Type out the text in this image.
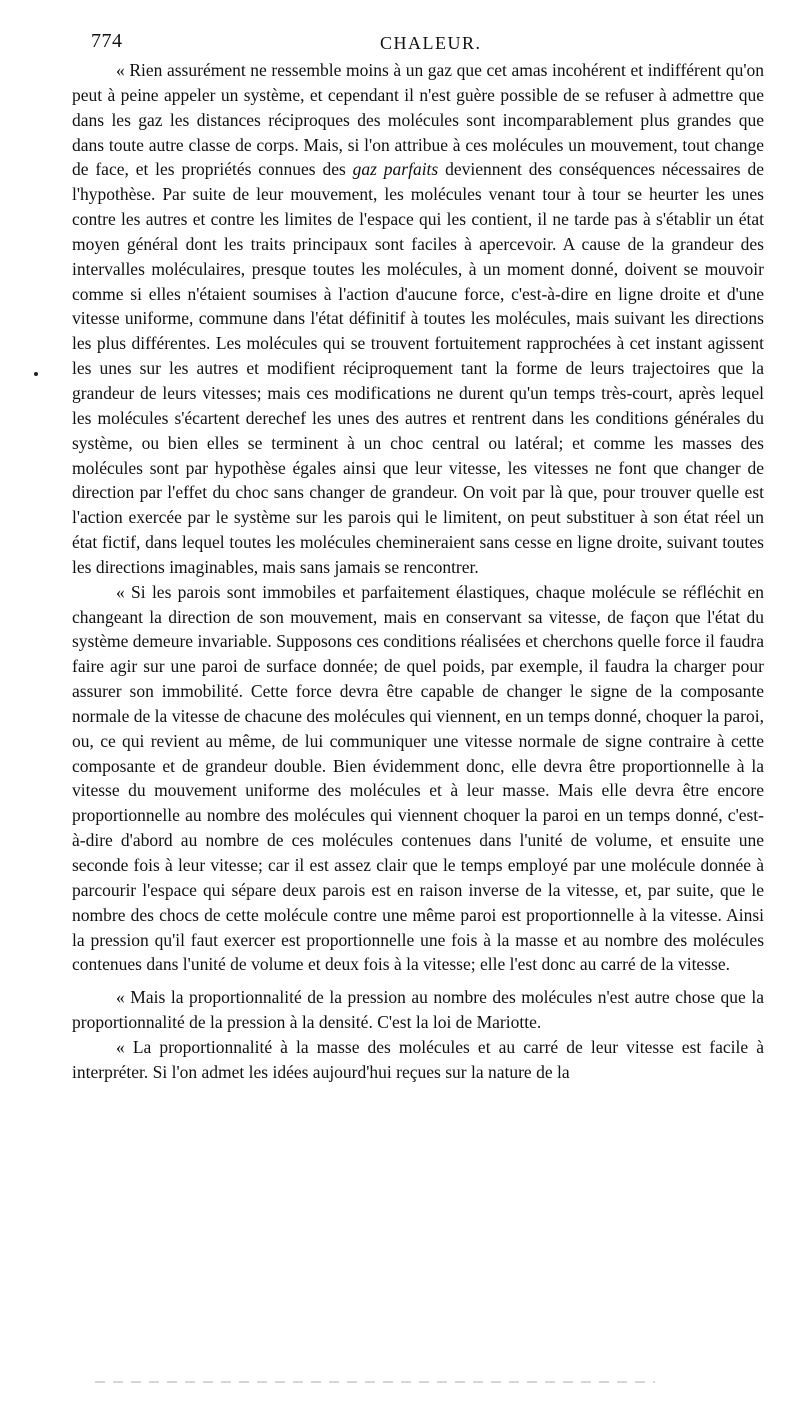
774	CHALEUR.

« Rien assurément ne ressemble moins à un gaz que cet amas incohérent et indifférent qu'on peut à peine appeler un système, et cependant il n'est guère possible de se refuser à admettre que dans les gaz les distances réciproques des molécules sont incomparablement plus grandes que dans toute autre classe de corps. Mais, si l'on attribue à ces molécules un mouvement, tout change de face, et les propriétés connues des gaz parfaits deviennent des conséquences nécessaires de l'hypothèse. Par suite de leur mouvement, les molécules venant tour à tour se heurter les unes contre les autres et contre les limites de l'espace qui les contient, il ne tarde pas à s'établir un état moyen général dont les traits principaux sont faciles à apercevoir. A cause de la grandeur des intervalles moléculaires, presque toutes les molécules, à un moment donné, doivent se mouvoir comme si elles n'étaient soumises à l'action d'aucune force, c'est-à-dire en ligne droite et d'une vitesse uniforme, commune dans l'état définitif à toutes les molécules, mais suivant les directions les plus différentes. Les molécules qui se trouvent fortuitement rapprochées à cet instant agissent les unes sur les autres et modifient réciproquement tant la forme de leurs trajectoires que la grandeur de leurs vitesses; mais ces modifications ne durent qu'un temps très-court, après lequel les molécules s'écartent derechef les unes des autres et rentrent dans les conditions générales du système, ou bien elles se terminent à un choc central ou latéral; et comme les masses des molécules sont par hypothèse égales ainsi que leur vitesse, les vitesses ne font que changer de direction par l'effet du choc sans changer de grandeur. On voit par là que, pour trouver quelle est l'action exercée par le système sur les parois qui le limitent, on peut substituer à son état réel un état fictif, dans lequel toutes les molécules chemineraient sans cesse en ligne droite, suivant toutes les directions imaginables, mais sans jamais se rencontrer.

« Si les parois sont immobiles et parfaitement élastiques, chaque molécule se réfléchit en changeant la direction de son mouvement, mais en conservant sa vitesse, de façon que l'état du système demeure invariable. Supposons ces conditions réalisées et cherchons quelle force il faudra faire agir sur une paroi de surface donnée; de quel poids, par exemple, il faudra la charger pour assurer son immobilité. Cette force devra être capable de changer le signe de la composante normale de la vitesse de chacune des molécules qui viennent, en un temps donné, choquer la paroi, ou, ce qui revient au même, de lui communiquer une vitesse normale de signe contraire à cette composante et de grandeur double. Bien évidemment donc, elle devra être proportionnelle à la vitesse du mouvement uniforme des molécules et à leur masse. Mais elle devra être encore proportionnelle au nombre des molécules qui viennent choquer la paroi en un temps donné, c'est-à-dire d'abord au nombre de ces molécules contenues dans l'unité de volume, et ensuite une seconde fois à leur vitesse; car il est assez clair que le temps employé par une molécule donnée à parcourir l'espace qui sépare deux parois est en raison inverse de la vitesse, et, par suite, que le nombre des chocs de cette molécule contre une même paroi est proportionnelle à la vitesse. Ainsi la pression qu'il faut exercer est proportionnelle une fois à la masse et au nombre des molécules contenues dans l'unité de volume et deux fois à la vitesse; elle l'est donc au carré de la vitesse.

« Mais la proportionnalité de la pression au nombre des molécules n'est autre chose que la proportionnalité de la pression à la densité. C'est la loi de Mariotte.

« La proportionnalité à la masse des molécules et au carré de leur vitesse est facile à interpréter. Si l'on admet les idées aujourd'hui reçues sur la nature de la
